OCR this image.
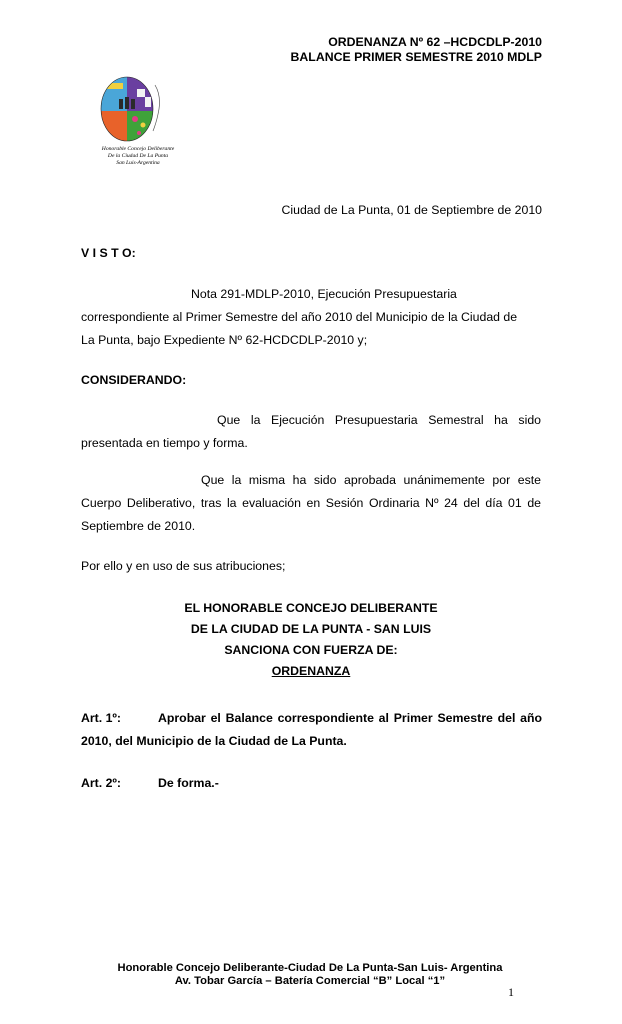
ORDENANZA Nº 62 –HCDCDLP-2010
BALANCE PRIMER SEMESTRE 2010 MDLP
Honorable Concejo Deliberante
De la Ciudad De La Punta
San Luis-Argentina
Ciudad de La Punta, 01 de Septiembre de 2010
V I S T O:
Nota 291-MDLP-2010, Ejecución Presupuestaria
correspondiente al Primer Semestre del año 2010 del Municipio de la Ciudad de
La Punta, bajo Expediente Nº 62-HCDCDLP-2010 y;
CONSIDERANDO:
Que la Ejecución Presupuestaria Semestral ha sido
presentada en tiempo y forma.
Que la misma ha sido aprobada unánimemente por este
Cuerpo Deliberativo, tras la evaluación en Sesión Ordinaria Nº 24 del día 01 de
Septiembre de 2010.
Por ello y en uso de sus atribuciones;
EL HONORABLE CONCEJO DELIBERANTE
DE LA CIUDAD DE LA PUNTA - SAN LUIS
SANCIONA CON FUERZA DE:
ORDENANZA
Art. 1º:	Aprobar el Balance correspondiente al Primer Semestre del año
2010, del Municipio de la Ciudad de La Punta.
Art. 2º:	De forma.-
Honorable Concejo Deliberante-Ciudad De La Punta-San Luis- Argentina
Av. Tobar García – Batería Comercial “B” Local “1”
1
